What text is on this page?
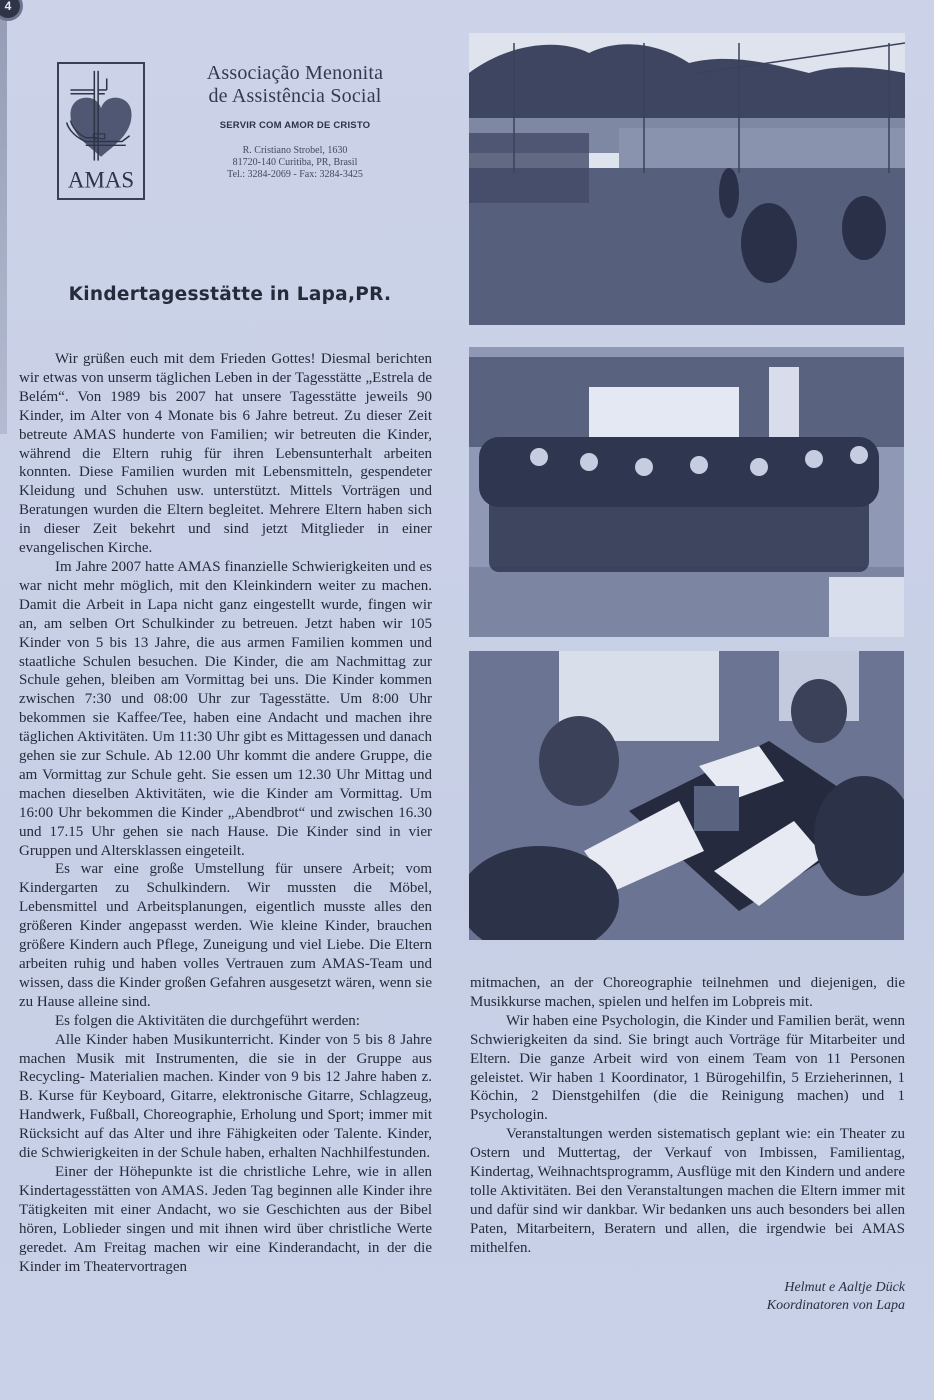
4
AMAS
Associação Menonita
de Assistência Social
SERVIR COM AMOR DE CRISTO
R. Cristiano Strobel, 1630
81720-140 Curitiba, PR, Brasil
Tel.: 3284-2069 - Fax: 3284-3425
Kindertagesstätte in Lapa,PR.

Wir grüßen euch mit dem Frieden Gottes! Diesmal berichten wir etwas von unserm täglichen Leben in der Tagesstätte „Estrela de Belém“. Von 1989 bis 2007 hat unsere Tagesstätte jeweils 90 Kinder, im Alter von 4 Monate bis 6 Jahre betreut. Zu dieser Zeit betreute AMAS hunderte von Familien; wir betreuten die Kinder, während die Eltern ruhig für ihren Lebensunterhalt arbeiten konnten. Diese Familien wurden mit Lebensmitteln, gespendeter Kleidung und Schuhen usw. unterstützt. Mittels Vorträgen und Beratungen wurden die Eltern begleitet. Mehrere Eltern haben sich in dieser Zeit bekehrt und sind jetzt Mitglieder in einer evangelischen Kirche.

Im Jahre 2007 hatte AMAS finanzielle Schwierigkeiten und es war nicht mehr möglich, mit den Kleinkindern weiter zu machen. Damit die Arbeit in Lapa nicht ganz eingestellt wurde, fingen wir an, am selben Ort Schulkinder zu betreuen. Jetzt haben wir 105 Kinder von 5 bis 13 Jahre, die aus armen Familien kommen und staatliche Schulen besuchen. Die Kinder, die am Nachmittag zur Schule gehen, bleiben am Vormittag bei uns. Die Kinder kommen zwischen 7:30 und 08:00 Uhr zur Tagesstätte. Um 8:00 Uhr bekommen sie Kaffee/Tee, haben eine Andacht und machen ihre täglichen Aktivitäten. Um 11:30 Uhr gibt es Mittagessen und danach gehen sie zur Schule. Ab 12.00 Uhr kommt die andere Gruppe, die am Vormittag zur Schule geht. Sie essen um 12.30 Uhr Mittag und machen dieselben Aktivitäten, wie die Kinder am Vormittag. Um 16:00 Uhr bekommen die Kinder „Abendbrot“ und zwischen 16.30 und 17.15 Uhr gehen sie nach Hause. Die Kinder sind in vier Gruppen und Altersklassen eingeteilt.

Es war eine große Umstellung für unsere Arbeit; vom Kindergarten zu Schulkindern. Wir mussten die Möbel, Lebensmittel und Arbeitsplanungen, eigentlich musste alles den größeren Kinder angepasst werden. Wie kleine Kinder, brauchen größere Kindern auch Pflege, Zuneigung und viel Liebe. Die Eltern arbeiten ruhig und haben volles Vertrauen zum AMAS-Team und wissen, dass die Kinder großen Gefahren ausgesetzt wären, wenn sie zu Hause alleine sind.

Es folgen die Aktivitäten die durchgeführt werden:

Alle Kinder haben Musikunterricht. Kinder von 5 bis 8 Jahre machen Musik mit Instrumenten, die sie in der Gruppe aus Recycling- Materialien machen. Kinder von 9 bis 12 Jahre haben z. B. Kurse für Keyboard, Gitarre, elektronische Gitarre, Schlagzeug, Handwerk, Fußball, Choreographie, Erholung und Sport; immer mit Rücksicht auf das Alter und ihre Fähigkeiten oder Talente. Kinder, die Schwierigkeiten in der Schule haben, erhalten Nachhilfestunden.

Einer der Höhepunkte ist die christliche Lehre, wie in allen Kindertagesstätten von AMAS. Jeden Tag beginnen alle Kinder ihre Tätigkeiten mit einer Andacht, wo sie Geschichten aus der Bibel hören, Loblieder singen und mit ihnen wird über christliche Werte geredet. Am Freitag machen wir eine Kinderandacht, in der die Kinder im Theatervortragen

mitmachen, an der Choreographie teilnehmen und diejenigen, die Musikkurse machen, spielen und helfen im Lobpreis mit.

Wir haben eine Psychologin, die Kinder und Familien berät, wenn Schwierigkeiten da sind. Sie bringt auch Vorträge für Mitarbeiter und Eltern. Die ganze Arbeit wird von einem Team von 11 Personen geleistet. Wir haben 1 Koordinator, 1 Bürogehilfin, 5 Erzieherinnen, 1 Köchin, 2 Dienstgehilfen (die die Reinigung machen) und 1 Psychologin.

Veranstaltungen werden sistematisch geplant wie: ein Theater zu Ostern und Muttertag, der Verkauf von Imbissen, Familientag, Kindertag, Weihnachtsprogramm, Ausflüge mit den Kindern und andere tolle Aktivitäten. Bei den Veranstaltungen machen die Eltern immer mit und dafür sind wir dankbar. Wir bedanken uns auch besonders bei allen Paten, Mitarbeitern, Beratern und allen, die irgendwie bei AMAS mithelfen.

Helmut e Aaltje Dück
Koordinatoren von Lapa
